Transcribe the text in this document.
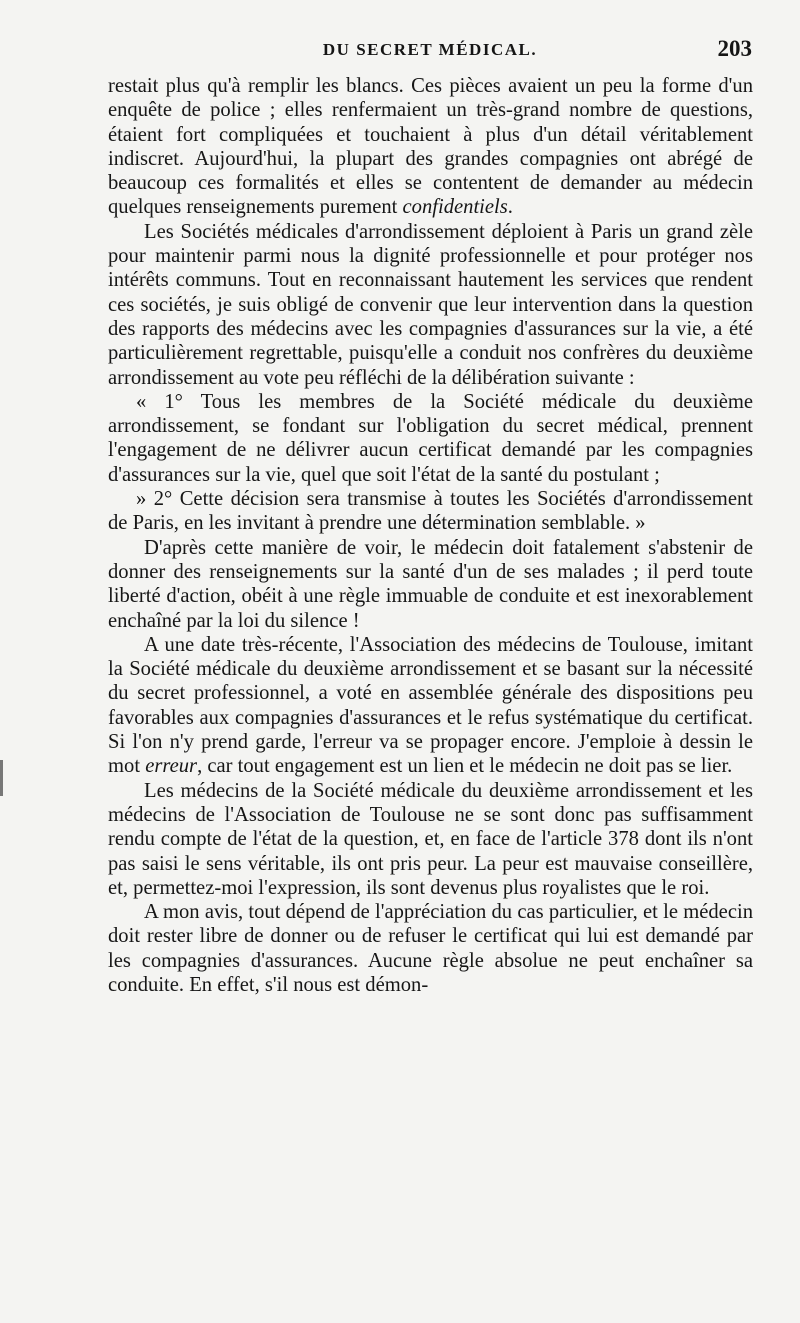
DU SECRET MÉDICAL.	203

restait plus qu'à remplir les blancs. Ces pièces avaient un peu la forme d'un enquête de police ; elles renfermaient un très-grand nombre de questions, étaient fort compliquées et touchaient à plus d'un détail véritablement indiscret. Aujourd'hui, la plupart des grandes compagnies ont abrégé de beaucoup ces formalités et elles se contentent de demander au médecin quelques renseignements purement confidentiels.

Les Sociétés médicales d'arrondissement déploient à Paris un grand zèle pour maintenir parmi nous la dignité professionnelle et pour protéger nos intérêts communs. Tout en reconnaissant hautement les services que rendent ces sociétés, je suis obligé de convenir que leur intervention dans la question des rapports des médecins avec les compagnies d'assurances sur la vie, a été particulièrement regrettable, puisqu'elle a conduit nos confrères du deuxième arrondissement au vote peu réfléchi de la délibération suivante :

« 1° Tous les membres de la Société médicale du deuxième arrondissement, se fondant sur l'obligation du secret médical, prennent l'engagement de ne délivrer aucun certificat demandé par les compagnies d'assurances sur la vie, quel que soit l'état de la santé du postulant ;

» 2° Cette décision sera transmise à toutes les Sociétés d'arrondissement de Paris, en les invitant à prendre une détermination semblable. »

D'après cette manière de voir, le médecin doit fatalement s'abstenir de donner des renseignements sur la santé d'un de ses malades ; il perd toute liberté d'action, obéit à une règle immuable de conduite et est inexorablement enchaîné par la loi du silence !

A une date très-récente, l'Association des médecins de Toulouse, imitant la Société médicale du deuxième arrondissement et se basant sur la nécessité du secret professionnel, a voté en assemblée générale des dispositions peu favorables aux compagnies d'assurances et le refus systématique du certificat. Si l'on n'y prend garde, l'erreur va se propager encore. J'emploie à dessin le mot erreur, car tout engagement est un lien et le médecin ne doit pas se lier.

Les médecins de la Société médicale du deuxième arrondissement et les médecins de l'Association de Toulouse ne se sont donc pas suffisamment rendu compte de l'état de la question, et, en face de l'article 378 dont ils n'ont pas saisi le sens véritable, ils ont pris peur. La peur est mauvaise conseillère, et, permettez-moi l'expression, ils sont devenus plus royalistes que le roi.

A mon avis, tout dépend de l'appréciation du cas particulier, et le médecin doit rester libre de donner ou de refuser le certificat qui lui est demandé par les compagnies d'assurances. Aucune règle absolue ne peut enchaîner sa conduite. En effet, s'il nous est démon-
